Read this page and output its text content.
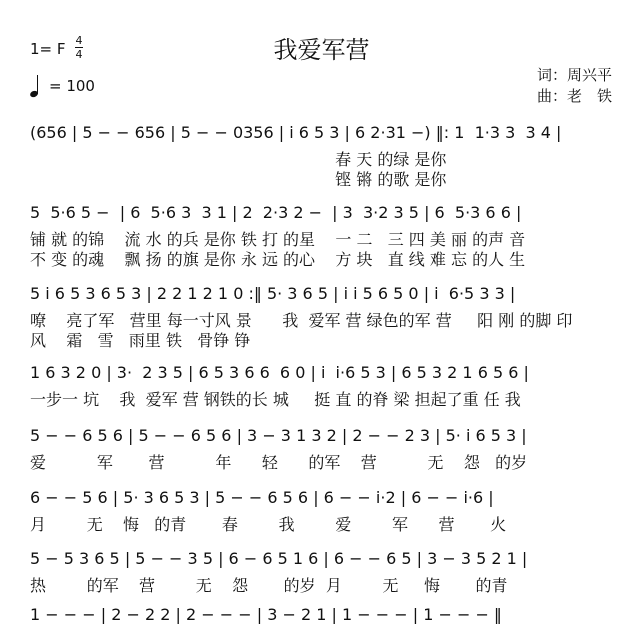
我爱军营
1= F 4
4
= 100
词：周兴平
曲：老　铁
(656 | 5 − − 656 | 5 − − 0356 | i 6 5 3 | 6 2·31 −) ‖: 1  1·3 3  3 4 |
春 天 的绿 是你
铿 锵 的歌 是你
5  5·6 5 −  | 6  5·6 3  3 1 | 2  2·3 2 −  | 3  3·2 3 5 | 6  5·3 6 6 |
铺 就 的锦    流 水 的兵 是你 铁 打 的星    一 二   三 四 美 丽 的声 音
不 变 的魂    飘 扬 的旗 是你 永 远 的心    方 块   直 线 难 忘 的人 生
5 i 6 5 3 6 5 3 | 2 2 1 2 1 0 :‖ 5· 3 6 5 | i i 5 6 5 0 | i  6·5 3 3 |
嘹    亮了军   营里 每一寸风 景      我  爱军 营 绿色的军 营     阳 刚 的脚 印
风    霜   雪   雨里 铁   骨铮 铮
1 6 3 2 0 | 3·  2 3 5 | 6 5 3 6 6  6 0 | i  i·6 5 3 | 6 5 3 2 1 6 5 6 |
一步一 坑    我  爱军 营 钢铁的长 城     挺 直 的脊 梁 担起了重 任 我
5 − − 6 5 6 | 5 − − 6 5 6 | 3 − 3 1 3 2 | 2 − − 2 3 | 5· i 6 5 3 |
爱          军       营          年      轻      的军    营          无    怨   的岁
6 − − 5 6 | 5· 3 6 5 3 | 5 − − 6 5 6 | 6 − − i·2 | 6 − − i·6 |
月        无    悔   的青       春        我        爱        军      营       火
5 − 5 3 6 5 | 5 − − 3 5 | 6 − 6 5 1 6 | 6 − − 6 5 | 3 − 3 5 2 1 |
热        的军    营        无    怨       的岁  月        无     悔       的青
1 − − − | 2 − 2 2 | 2 − − − | 3 − 2 1 | 1 − − − | 1 − − − ‖
